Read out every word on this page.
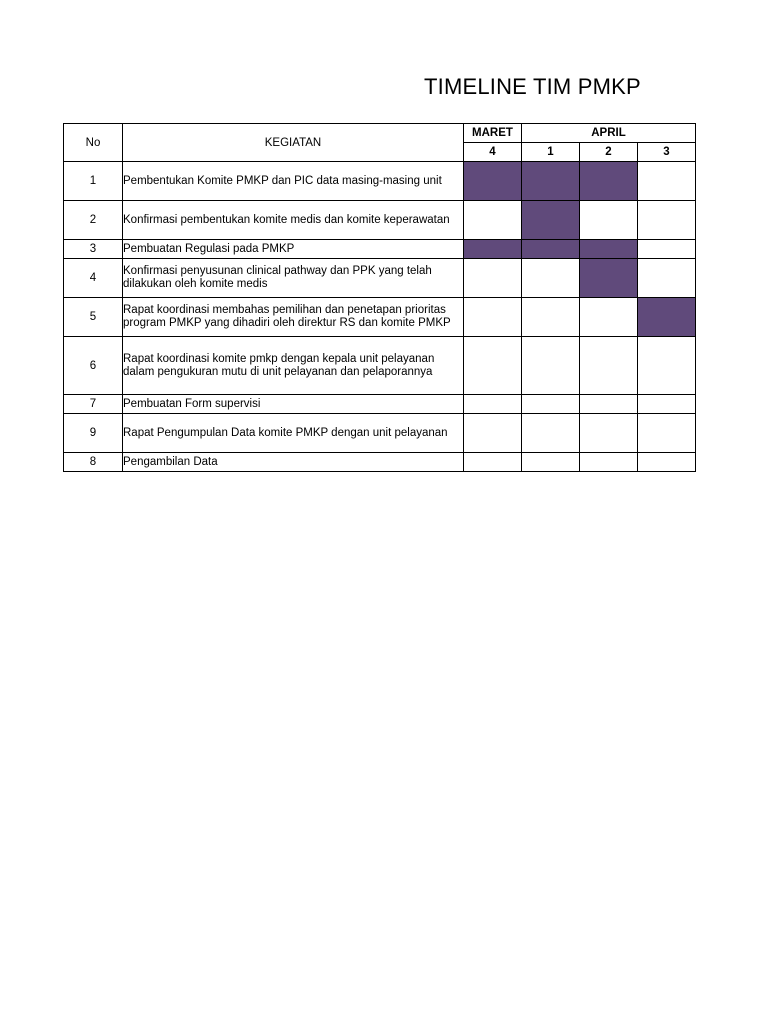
TIMELINE TIM PMKP
No	KEGIATAN	MARET	APRIL		
		4	1	2	3
1	Pembentukan Komite PMKP dan PIC data masing-masing unit				
2	Konfirmasi pembentukan komite medis dan komite keperawatan				
3	Pembuatan Regulasi pada PMKP				
4	Konfirmasi penyusunan clinical pathway dan PPK yang telah dilakukan oleh komite medis				
5	Rapat koordinasi membahas pemilihan dan penetapan prioritas program PMKP yang dihadiri oleh direktur RS dan komite PMKP				
6	Rapat koordinasi komite pmkp dengan kepala unit pelayanan dalam pengukuran mutu di unit pelayanan dan pelaporannya				
7	Pembuatan Form supervisi				
9	Rapat Pengumpulan Data komite PMKP dengan unit pelayanan				
8	Pengambilan Data				
